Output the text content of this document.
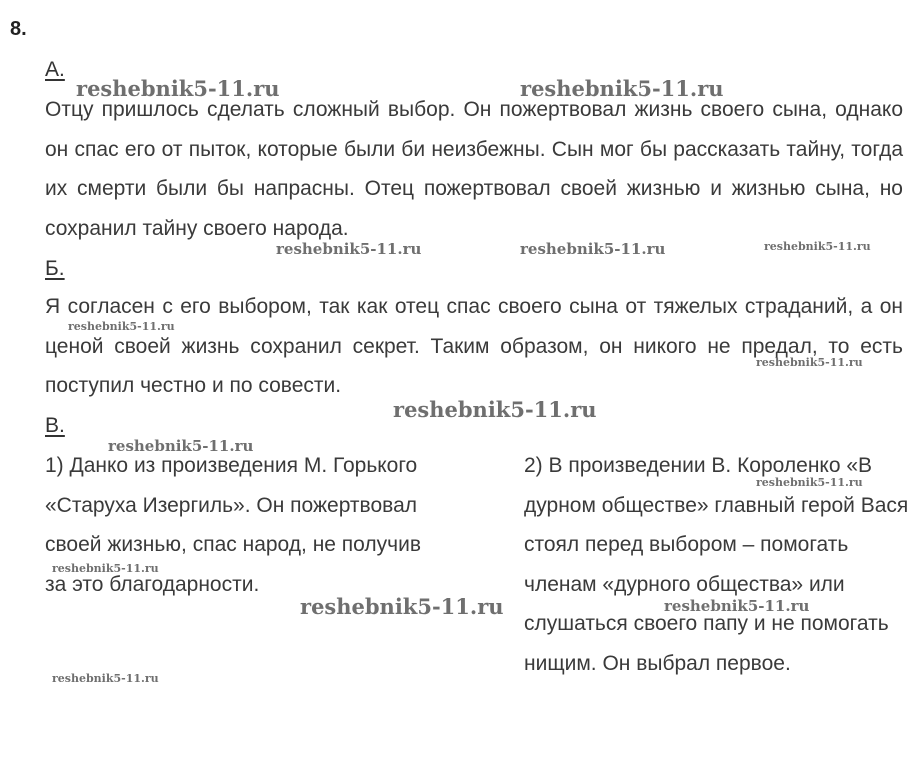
8.
А.
Отцу пришлось сделать сложный выбор. Он пожертвовал жизнь своего сына, однако он спас его от пыток, которые были би неизбежны. Сын мог бы рассказать тайну, тогда их смерти были бы напрасны. Отец пожертвовал своей жизнью и жизнью сына, но сохранил тайну своего народа.
Б.
Я согласен с его выбором, так как отец спас своего сына от тяжелых страданий, а он ценой своей жизнь сохранил секрет. Таким образом, он никого не предал, то есть поступил честно и по совести.
В.
1) Данко из произведения М. Горького «Старуха Изергиль». Он пожертвовал своей жизнью, спас народ, не получив за это благодарности.
2) В произведении В. Короленко «В дурном обществе» главный герой Вася стоял перед выбором – помогать членам «дурного общества» или слушаться своего папу и не помогать нищим. Он выбрал первое.
reshebnik5-11.ru	reshebnik5-11.ru
reshebnik5-11.ru	reshebnik5-11.ru	reshebnik5-11.ru
reshebnik5-11.ru
reshebnik5-11.ru
reshebnik5-11.ru
reshebnik5-11.ru
reshebnik5-11.ru
reshebnik5-11.ru
reshebnik5-11.ru	reshebnik5-11.ru
reshebnik5-11.ru
